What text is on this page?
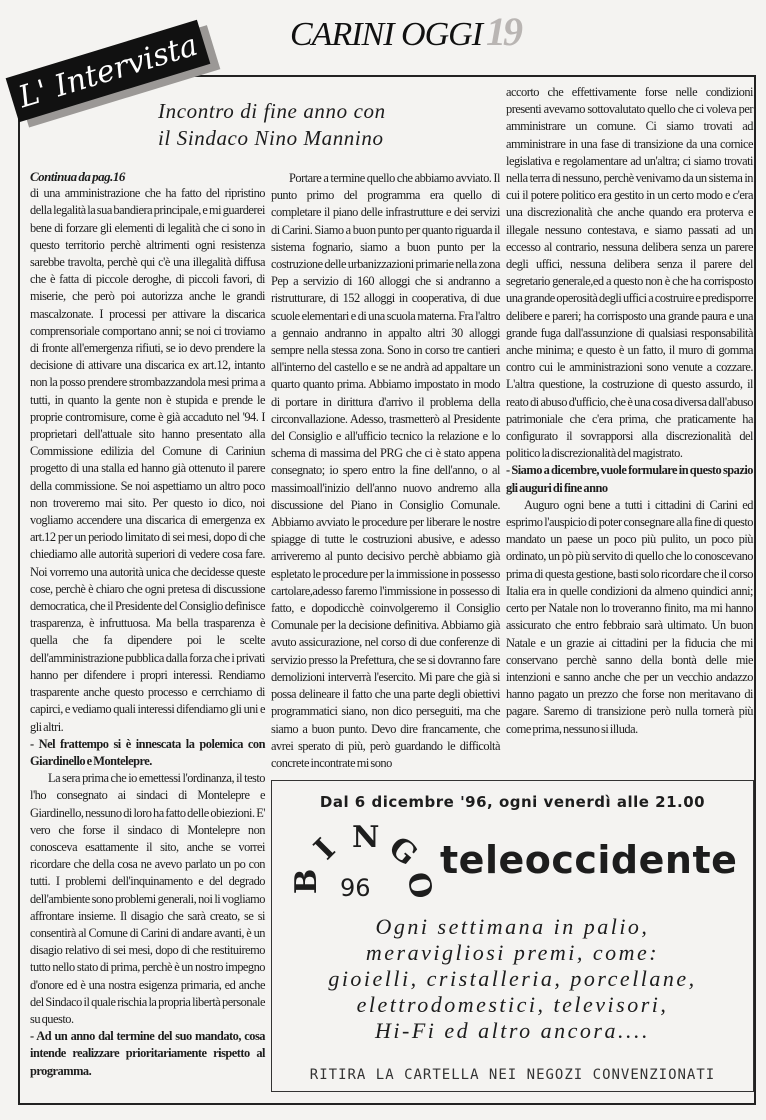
CARINI OGGI 19
L' Intervista
Incontro di fine anno con
il Sindaco Nino Mannino

Continua da pag.16

di una amministrazione che ha fatto del ripristino della legalità la sua bandiera principale, e mi guarderei bene di forzare gli elementi di legalità che ci sono in questo territorio perchè altrimenti ogni resistenza sarebbe travolta, perchè qui c'è una illegalità diffusa che è fatta di piccole deroghe, di piccoli favori, di miserie, che però poi autorizza anche le grandi mascalzonate. I processi per attivare la discarica comprensoriale comportano anni; se noi ci troviamo di fronte all'emergenza rifiuti, se io devo prendere la decisione di attivare una discarica ex art.12, intanto non la posso prendere strombazzandola mesi prima a tutti, in quanto la gente non è stupida e prende le proprie contromisure, come è già accaduto nel '94. I proprietari dell'attuale sito hanno presentato alla Commissione edilizia del Comune di Cariniun progetto di una stalla ed hanno già ottenuto il parere della commissione. Se noi aspettiamo un altro poco non troveremo mai sito. Per questo io dico, noi vogliamo accendere una discarica di emergenza ex art.12 per un periodo limitato di sei mesi, dopo di che chiediamo alle autorità superiori di vedere cosa fare. Noi vorremo una autorità unica che decidesse queste cose, perchè è chiaro che ogni pretesa di discussione democratica, che il Presidente del Consiglio definisce trasparenza, è infruttuosa. Ma bella trasparenza è quella che fa dipendere poi le scelte dell'amministrazione pubblica dalla forza che i privati hanno per difendere i propri interessi. Rendiamo trasparente anche questo processo e cerrchiamo di capirci, e vediamo quali interessi difendiamo gli uni e gli altri.

- Nel frattempo si è innescata la polemica con Giardinello e Montelepre.

La sera prima che io emettessi l'ordinanza, il testo l'ho consegnato ai sindaci di Montelepre e Giardinello, nessuno di loro ha fatto delle obiezioni. E' vero che forse il sindaco di Montelepre non conosceva esattamente il sito, anche se vorrei ricordare che della cosa ne avevo parlato un po con tutti. I problemi dell'inquinamento e del degrado dell'ambiente sono problemi generali, noi li vogliamo affrontare insieme. Il disagio che sarà creato, se si consentirà al Comune di Carini di andare avanti, è un disagio relativo di sei mesi, dopo di che restituiremo tutto nello stato di prima, perchè è un nostro impegno d'onore ed è una nostra esigenza primaria, ed anche del Sindaco il quale rischia la propria libertà personale su questo.

- Ad un anno dal termine del suo mandato, cosa intende realizzare prioritariamente rispetto al programma.

Portare a termine quello che abbiamo avviato. Il punto primo del programma era quello di completare il piano delle infrastrutture e dei servizi di Carini. Siamo a buon punto per quanto riguarda il sistema fognario, siamo a buon punto per la costruzione delle urbanizzazioni primarie nella zona Pep a servizio di 160 alloggi che si andranno a ristrutturare, di 152 alloggi in cooperativa, di due scuole elementari e di una scuola materna. Fra l'altro a gennaio andranno in appalto altri 30 alloggi sempre nella stessa zona. Sono in corso tre cantieri all'interno del castello e se ne andrà ad appaltare un quarto quanto prima. Abbiamo impostato in modo di portare in dirittura d'arrivo il problema della circonvallazione. Adesso, trasmetterò al Presidente del Consiglio e all'ufficio tecnico la relazione e lo schema di massima del PRG che ci è stato appena consegnato; io spero entro la fine dell'anno, o al massimoall'inizio dell'anno nuovo andremo alla discussione del Piano in Consiglio Comunale. Abbiamo avviato le procedure per liberare le nostre spiagge di tutte le costruzioni abusive, e adesso arriveremo al punto decisivo perchè abbiamo già espletato le procedure per la immissione in possesso cartolare,adesso faremo l'immissione in possesso di fatto, e dopodicchè coinvolgeremo il Consiglio Comunale per la decisione definitiva. Abbiamo già avuto assicurazione, nel corso di due conferenze di servizio presso la Prefettura, che se si dovranno fare demolizioni interverrà l'esercito. Mi pare che già si possa delineare il fatto che una parte degli obiettivi programmatici siano, non dico perseguiti, ma che siamo a buon punto. Devo dire francamente, che avrei sperato di più, però guardando le difficoltà concrete incontrate mi sono

accorto che effettivamente forse nelle condizioni presenti avevamo sottovalutato quello che ci voleva per amministrare un comune. Ci siamo trovati ad amministrare in una fase di transizione da una cornice legislativa e regolamentare ad un'altra; ci siamo trovati nella terra di nessuno, perchè venivamo da un sistema in cui il potere politico era gestito in un certo modo e c'era una discrezionalità che anche quando era proterva e illegale nessuno contestava, e siamo passati ad un eccesso al contrario, nessuna delibera senza un parere degli uffici, nessuna delibera senza il parere del segretario generale,ed a questo non è che ha corrisposto una grande operosità degli uffici a costruire e predisporre delibere e pareri; ha corrisposto una grande paura e una grande fuga dall'assunzione di qualsiasi responsabilità anche minima; e questo è un fatto, il muro di gomma contro cui le amministrazioni sono venute a cozzare. L'altra questione, la costruzione di questo assurdo, il reato di abuso d'ufficio, che è una cosa diversa dall'abuso patrimoniale che c'era prima, che praticamente ha configurato il sovrapporsi alla discrezionalità del politico la discrezionalità del magistrato.

- Siamo a dicembre, vuole formulare in questo spazio gli auguri di fine anno

Auguro ogni bene a tutti i cittadini di Carini ed esprimo l'auspicio di poter consegnare alla fine di questo mandato un paese un poco più pulito, un poco più ordinato, un pò più servito di quello che lo conoscevano prima di questa gestione, basti solo ricordare che il corso Italia era in quelle condizioni da almeno quindici anni; certo per Natale non lo troveranno finito, ma mi hanno assicurato che entro febbraio sarà ultimato. Un buon Natale e un grazie ai cittadini per la fiducia che mi conservano perchè sanno della bontà delle mie intenzioni e sanno anche che per un vecchio andazzo hanno pagato un prezzo che forse non meritavano di pagare. Saremo di transizione però nulla tornerà più come prima, nessuno si illuda.

Dal 6 dicembre '96, ogni venerdì alle 21.00
B
I N G
O
96
teleoccidente
Ogni settimana in palio,
meravigliosi premi, come:
gioielli, cristalleria, porcellane,
elettrodomestici, televisori,
Hi-Fi ed altro ancora....
RITIRA LA CARTELLA NEI NEGOZI CONVENZIONATI
